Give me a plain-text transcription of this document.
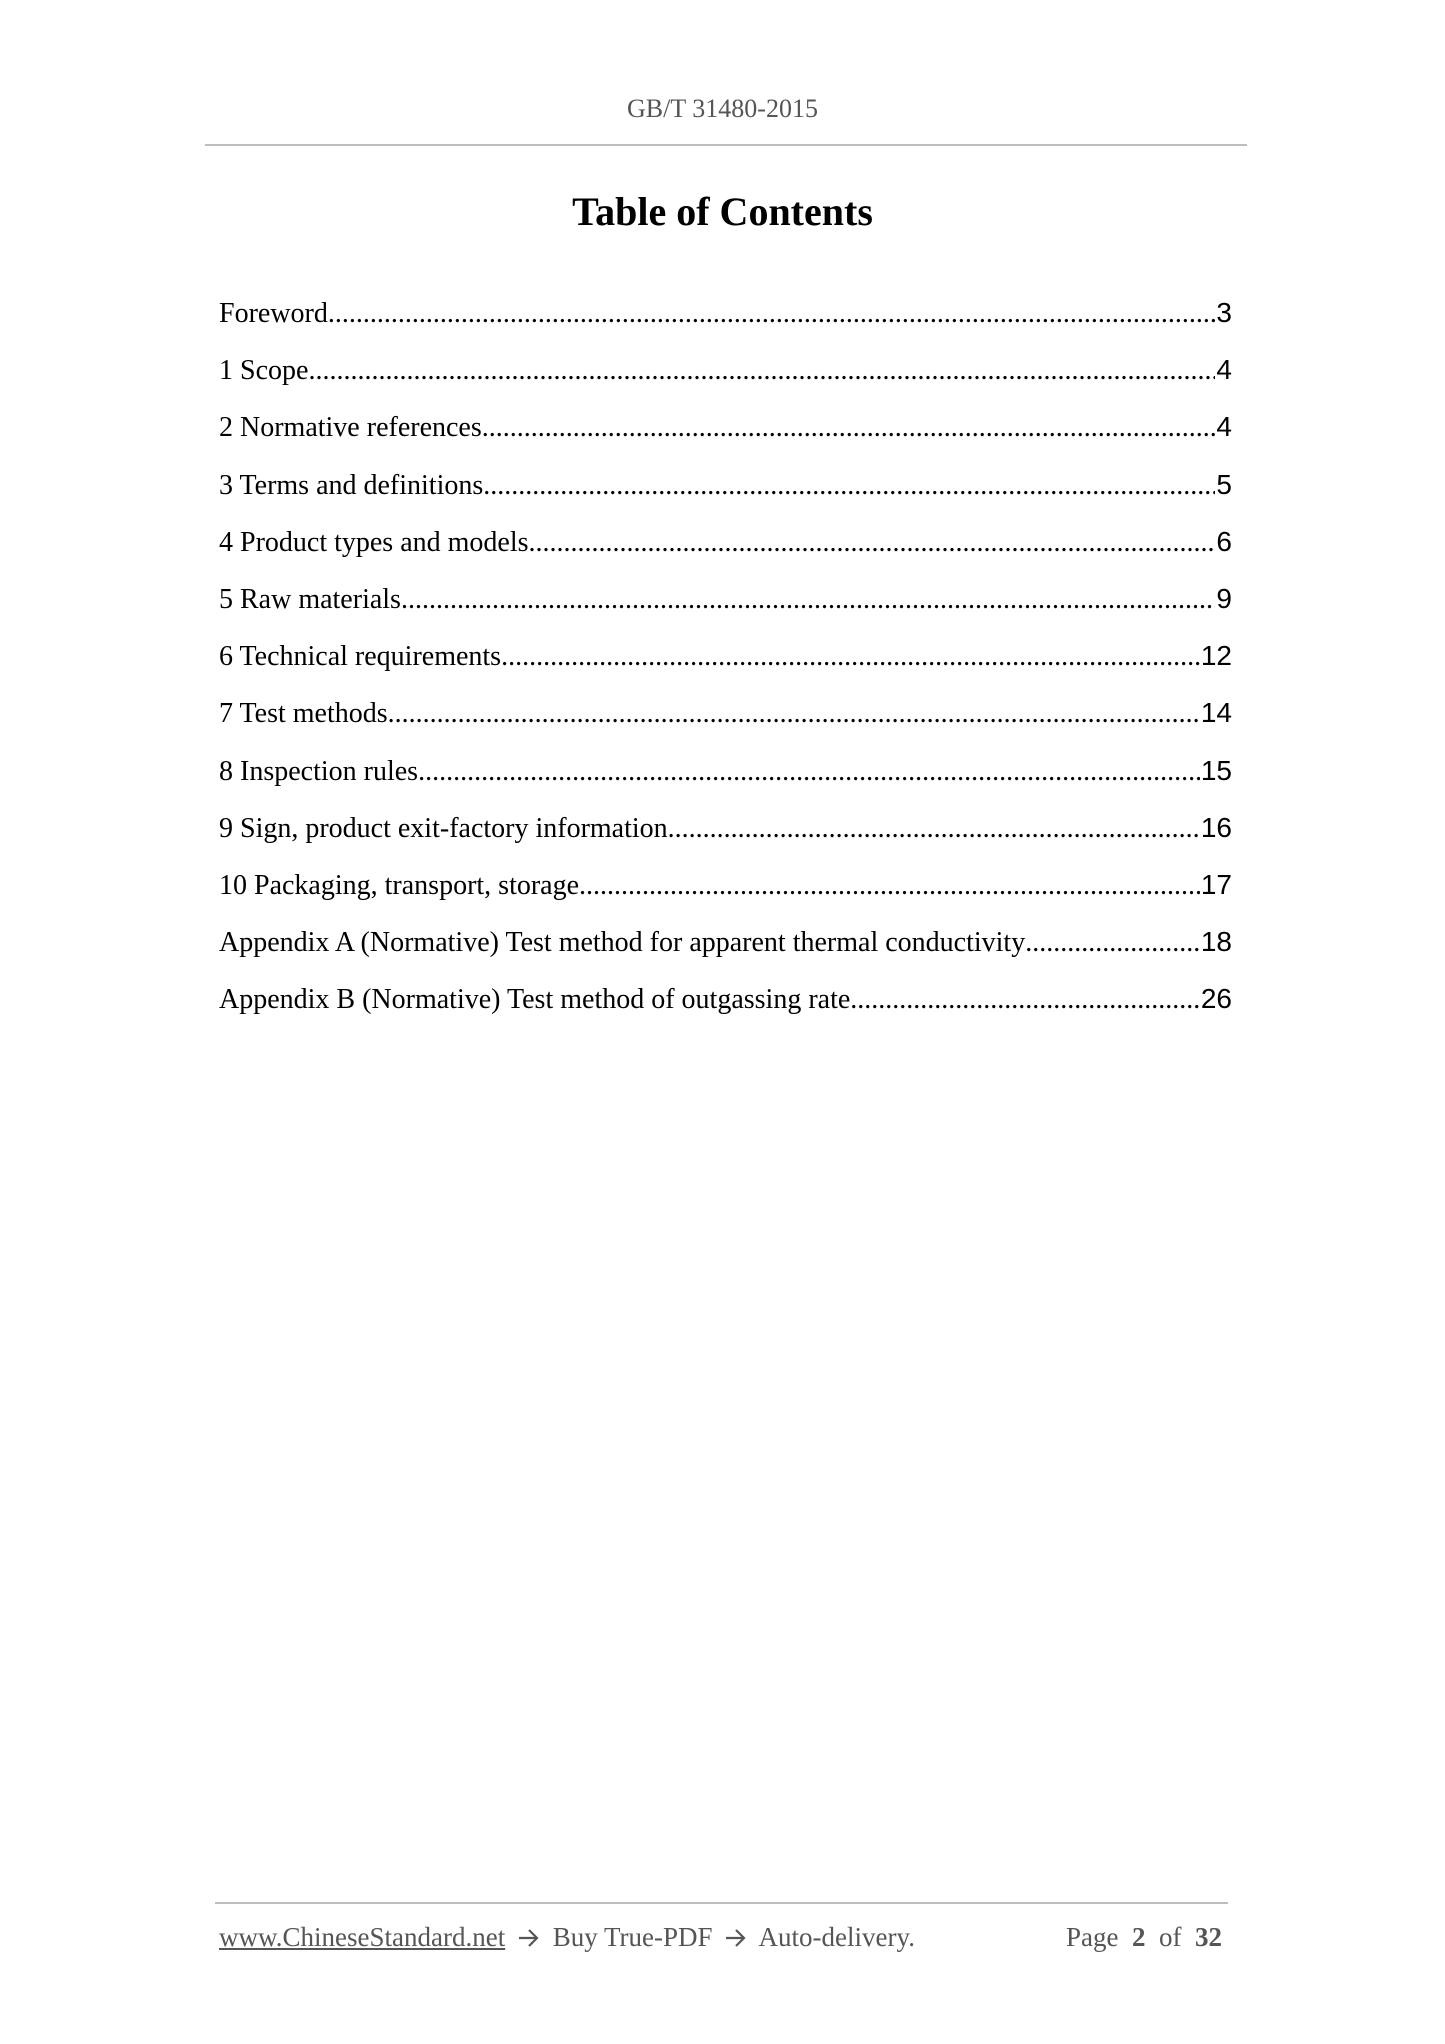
GB/T 31480-2015
Table of Contents
Foreword .....	3
1 Scope .....	4
2 Normative references .....	4
3 Terms and definitions .....	5
4 Product types and models .....	6
5 Raw materials .....	9
6 Technical requirements .....	12
7 Test methods .....	14
8 Inspection rules .....	15
9 Sign, product exit-factory information .....	16
10 Packaging, transport, storage .....	17
Appendix A (Normative) Test method for apparent thermal conductivity .....	18
Appendix B (Normative) Test method of outgassing rate .....	26
www.ChineseStandard.net Buy True-PDF Auto-delivery.	Page 2 of 32
